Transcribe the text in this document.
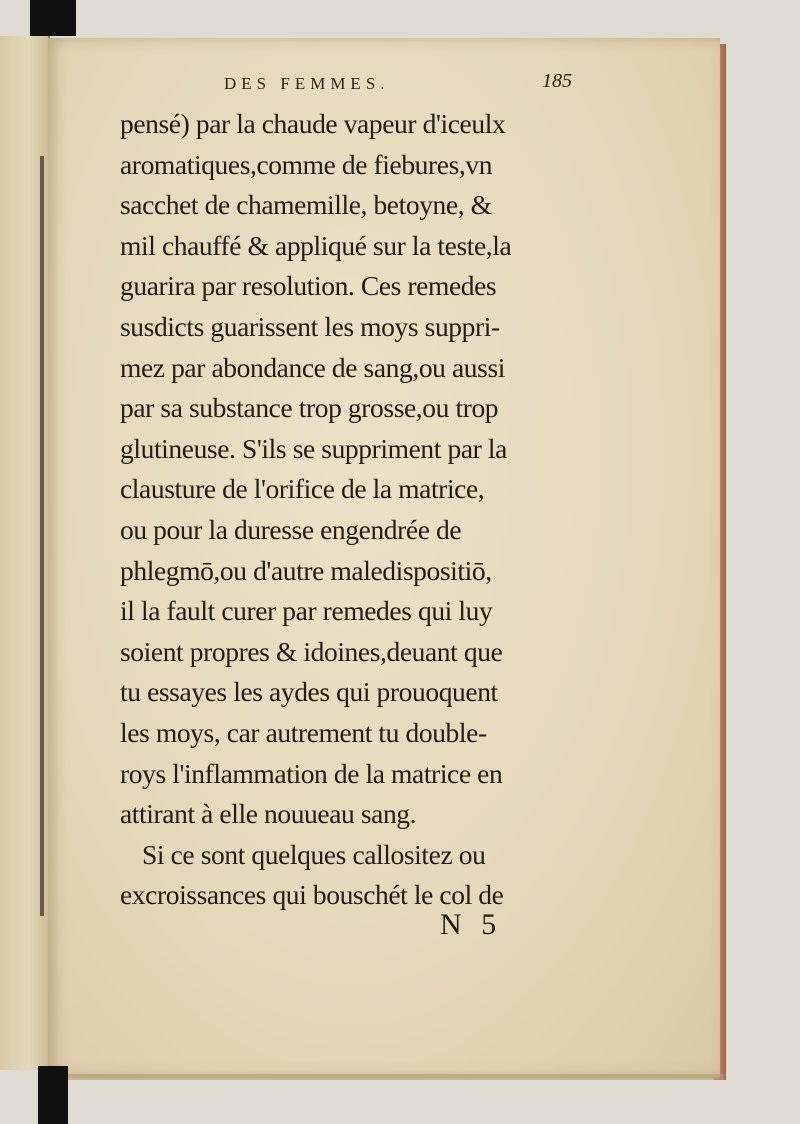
DES FEMMES.	185
pensé) par la chaude vapeur d'iceulx
aromatiques,comme de fiebures,vn
sacchet de chamemille, betoyne, &
mil chauffé & appliqué sur la teste,la
guarira par resolution. Ces remedes
susdicts guarissent les moys suppri-
mez par abondance de sang,ou aussi
par sa substance trop grosse,ou trop
glutineuse. S'ils se suppriment par la
clausture de l'orifice de la matrice,
ou pour la duresse engendrée de
phlegmō,ou d'autre maledispositiō,
il la fault curer par remedes qui luy
soient propres & idoines,deuant que
tu essayes les aydes qui prouoquent
les moys, car autrement tu double-
roys l'inflammation de la matrice en
attirant à elle nouueau sang.
Si ce sont quelques callositez ou
excroissances qui bouschét le col de
N 5
